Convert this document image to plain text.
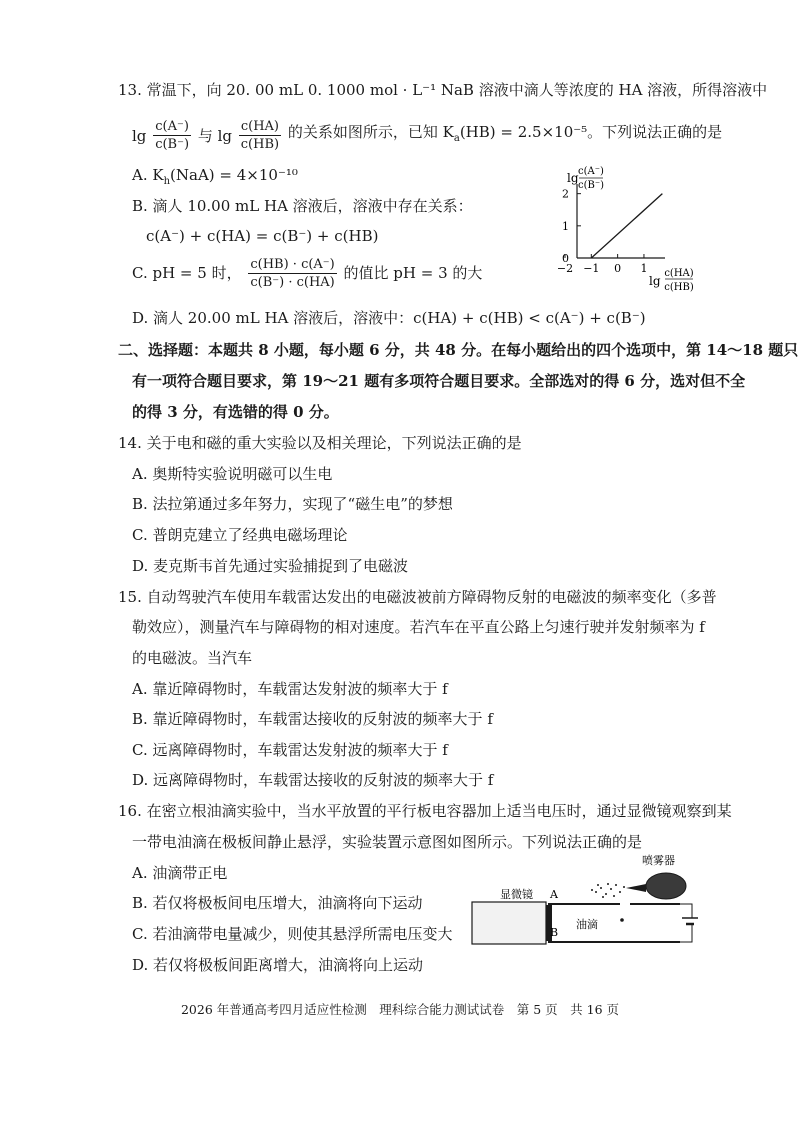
13. 常温下，向 20. 00 mL 0. 1000 mol · L⁻¹ NaB 溶液中滴人等浓度的 HA 溶液，所得溶液中
$\lg \frac{c(A^-)}{c(B^-)}$ 与 $\lg \frac{c(HA)}{c(HB)}$ 的关系如图所示，已知 $K_a(HB) = 2.5\times 10^{-5}$。下列说法正确的是
A. $K_h(NaA) = 4\times 10^{-10}$
B. 滴人 10.00 mL HA 溶液后，溶液中存在关系：
c(A⁻) + c(HA) = c(B⁻) + c(HB)
C. pH = 5 时， $\frac{c(HB) \cdot c(A^-)}{c(B^-) \cdot c(HA)}$ 的值比 pH = 3 的大
D. 滴人 20.00 mL HA 溶液后，溶液中：c(HA) + c(HB) < c(A⁻) + c(B⁻)
lg c(A⁻)
c(B⁻)
2
1
0
−2 −1 0 1
lg
c(HA)
c(HB)
二、选择题：本题共 8 小题，每小题 6 分，共 48 分。在每小题给出的四个选项中，第 14～18 题只
有一项符合题目要求，第 19～21 题有多项符合题目要求。全部选对的得 6 分，选对但不全
的得 3 分，有选错的得 0 分。
14. 关于电和磁的重大实验以及相关理论，下列说法正确的是
A. 奥斯特实验说明磁可以生电
B. 法拉第通过多年努力，实现了“磁生电”的梦想
C. 普朗克建立了经典电磁场理论
D. 麦克斯韦首先通过实验捕捉到了电磁波
15. 自动驾驶汽车使用车载雷达发出的电磁波被前方障碍物反射的电磁波的频率变化（多普
勒效应），测量汽车与障碍物的相对速度。若汽车在平直公路上匀速行驶并发射频率为 f
的电磁波。当汽车
A. 靠近障碍物时，车载雷达发射波的频率大于 f
B. 靠近障碍物时，车载雷达接收的反射波的频率大于 f
C. 远离障碍物时，车载雷达发射波的频率大于 f
D. 远离障碍物时，车载雷达接收的反射波的频率大于 f
16. 在密立根油滴实验中，当水平放置的平行板电容器加上适当电压时，通过显微镜观察到某
一带电油滴在极板间静止悬浮，实验装置示意图如图所示。下列说法正确的是
A. 油滴带正电
B. 若仅将极板间电压增大，油滴将向下运动
C. 若油滴带电量减少，则使其悬浮所需电压变大
D. 若仅将极板间距离增大，油滴将向上运动
显微镜 A
B
油滴
喷雾器
2026 年普通高考四月适应性检测　理科综合能力测试试卷　第 5 页　共 16 页
